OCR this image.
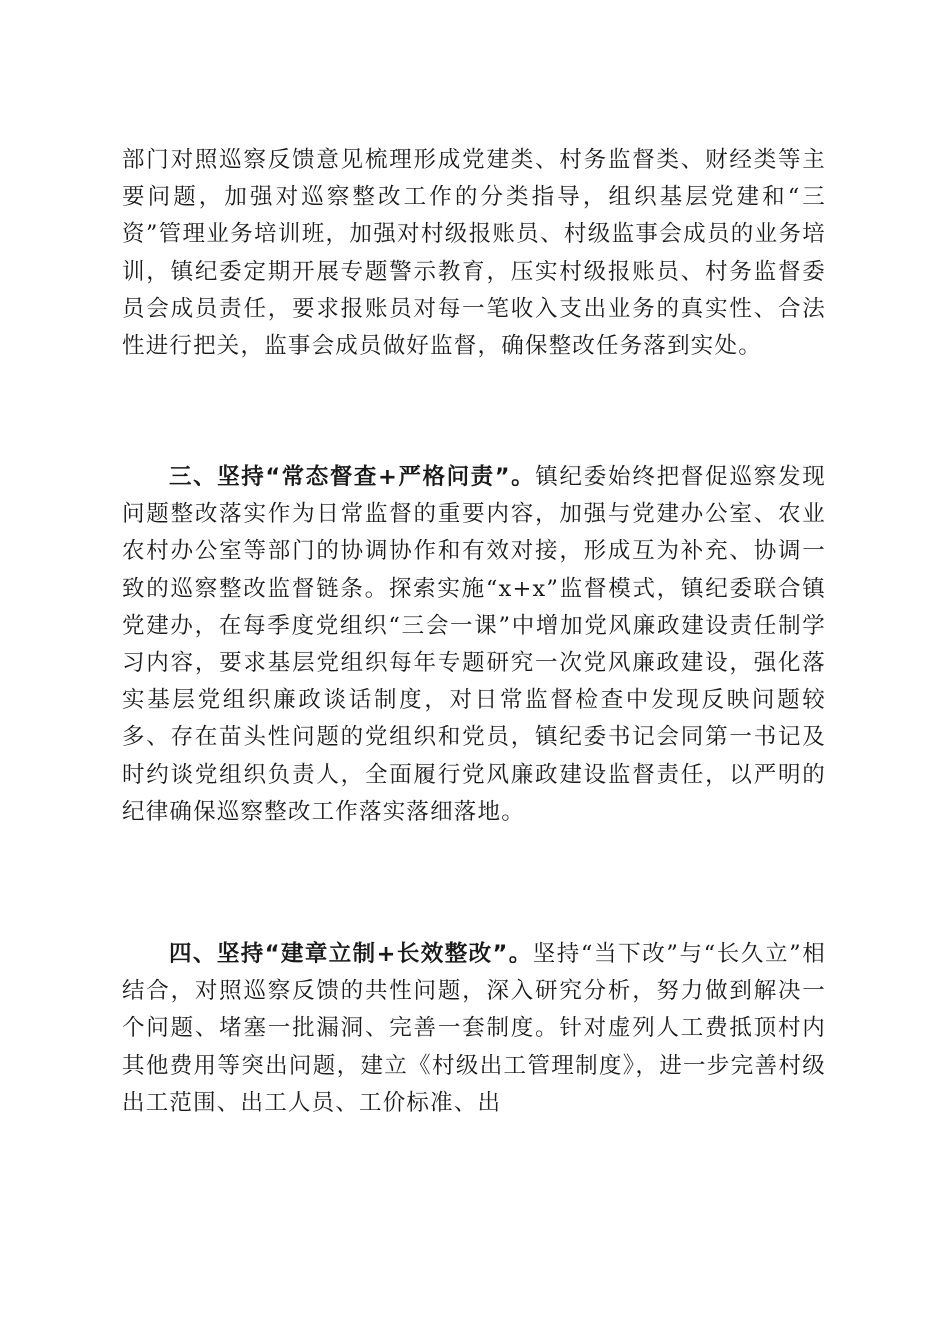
部门对照巡察反馈意见梳理形成党建类、村务监督类、财经类等主要问题，加强对巡察整改工作的分类指导，组织基层党建和“三资”管理业务培训班，加强对村级报账员、村级监事会成员的业务培训，镇纪委定期开展专题警示教育，压实村级报账员、村务监督委员会成员责任，要求报账员对每一笔收入支出业务的真实性、合法性进行把关，监事会成员做好监督，确保整改任务落到实处。

三、坚持“常态督查+严格问责”。镇纪委始终把督促巡察发现问题整改落实作为日常监督的重要内容，加强与党建办公室、农业农村办公室等部门的协调协作和有效对接，形成互为补充、协调一致的巡察整改监督链条。探索实施“x+x”监督模式，镇纪委联合镇党建办，在每季度党组织“三会一课”中增加党风廉政建设责任制学习内容，要求基层党组织每年专题研究一次党风廉政建设，强化落实基层党组织廉政谈话制度，对日常监督检查中发现反映问题较多、存在苗头性问题的党组织和党员，镇纪委书记会同第一书记及时约谈党组织负责人，全面履行党风廉政建设监督责任，以严明的纪律确保巡察整改工作落实落细落地。

四、坚持“建章立制+长效整改”。坚持“当下改”与“长久立”相结合，对照巡察反馈的共性问题，深入研究分析，努力做到解决一个问题、堵塞一批漏洞、完善一套制度。针对虚列人工费抵顶村内其他费用等突出问题，建立《村级出工管理制度》，进一步完善村级出工范围、出工人员、工价标准、出
